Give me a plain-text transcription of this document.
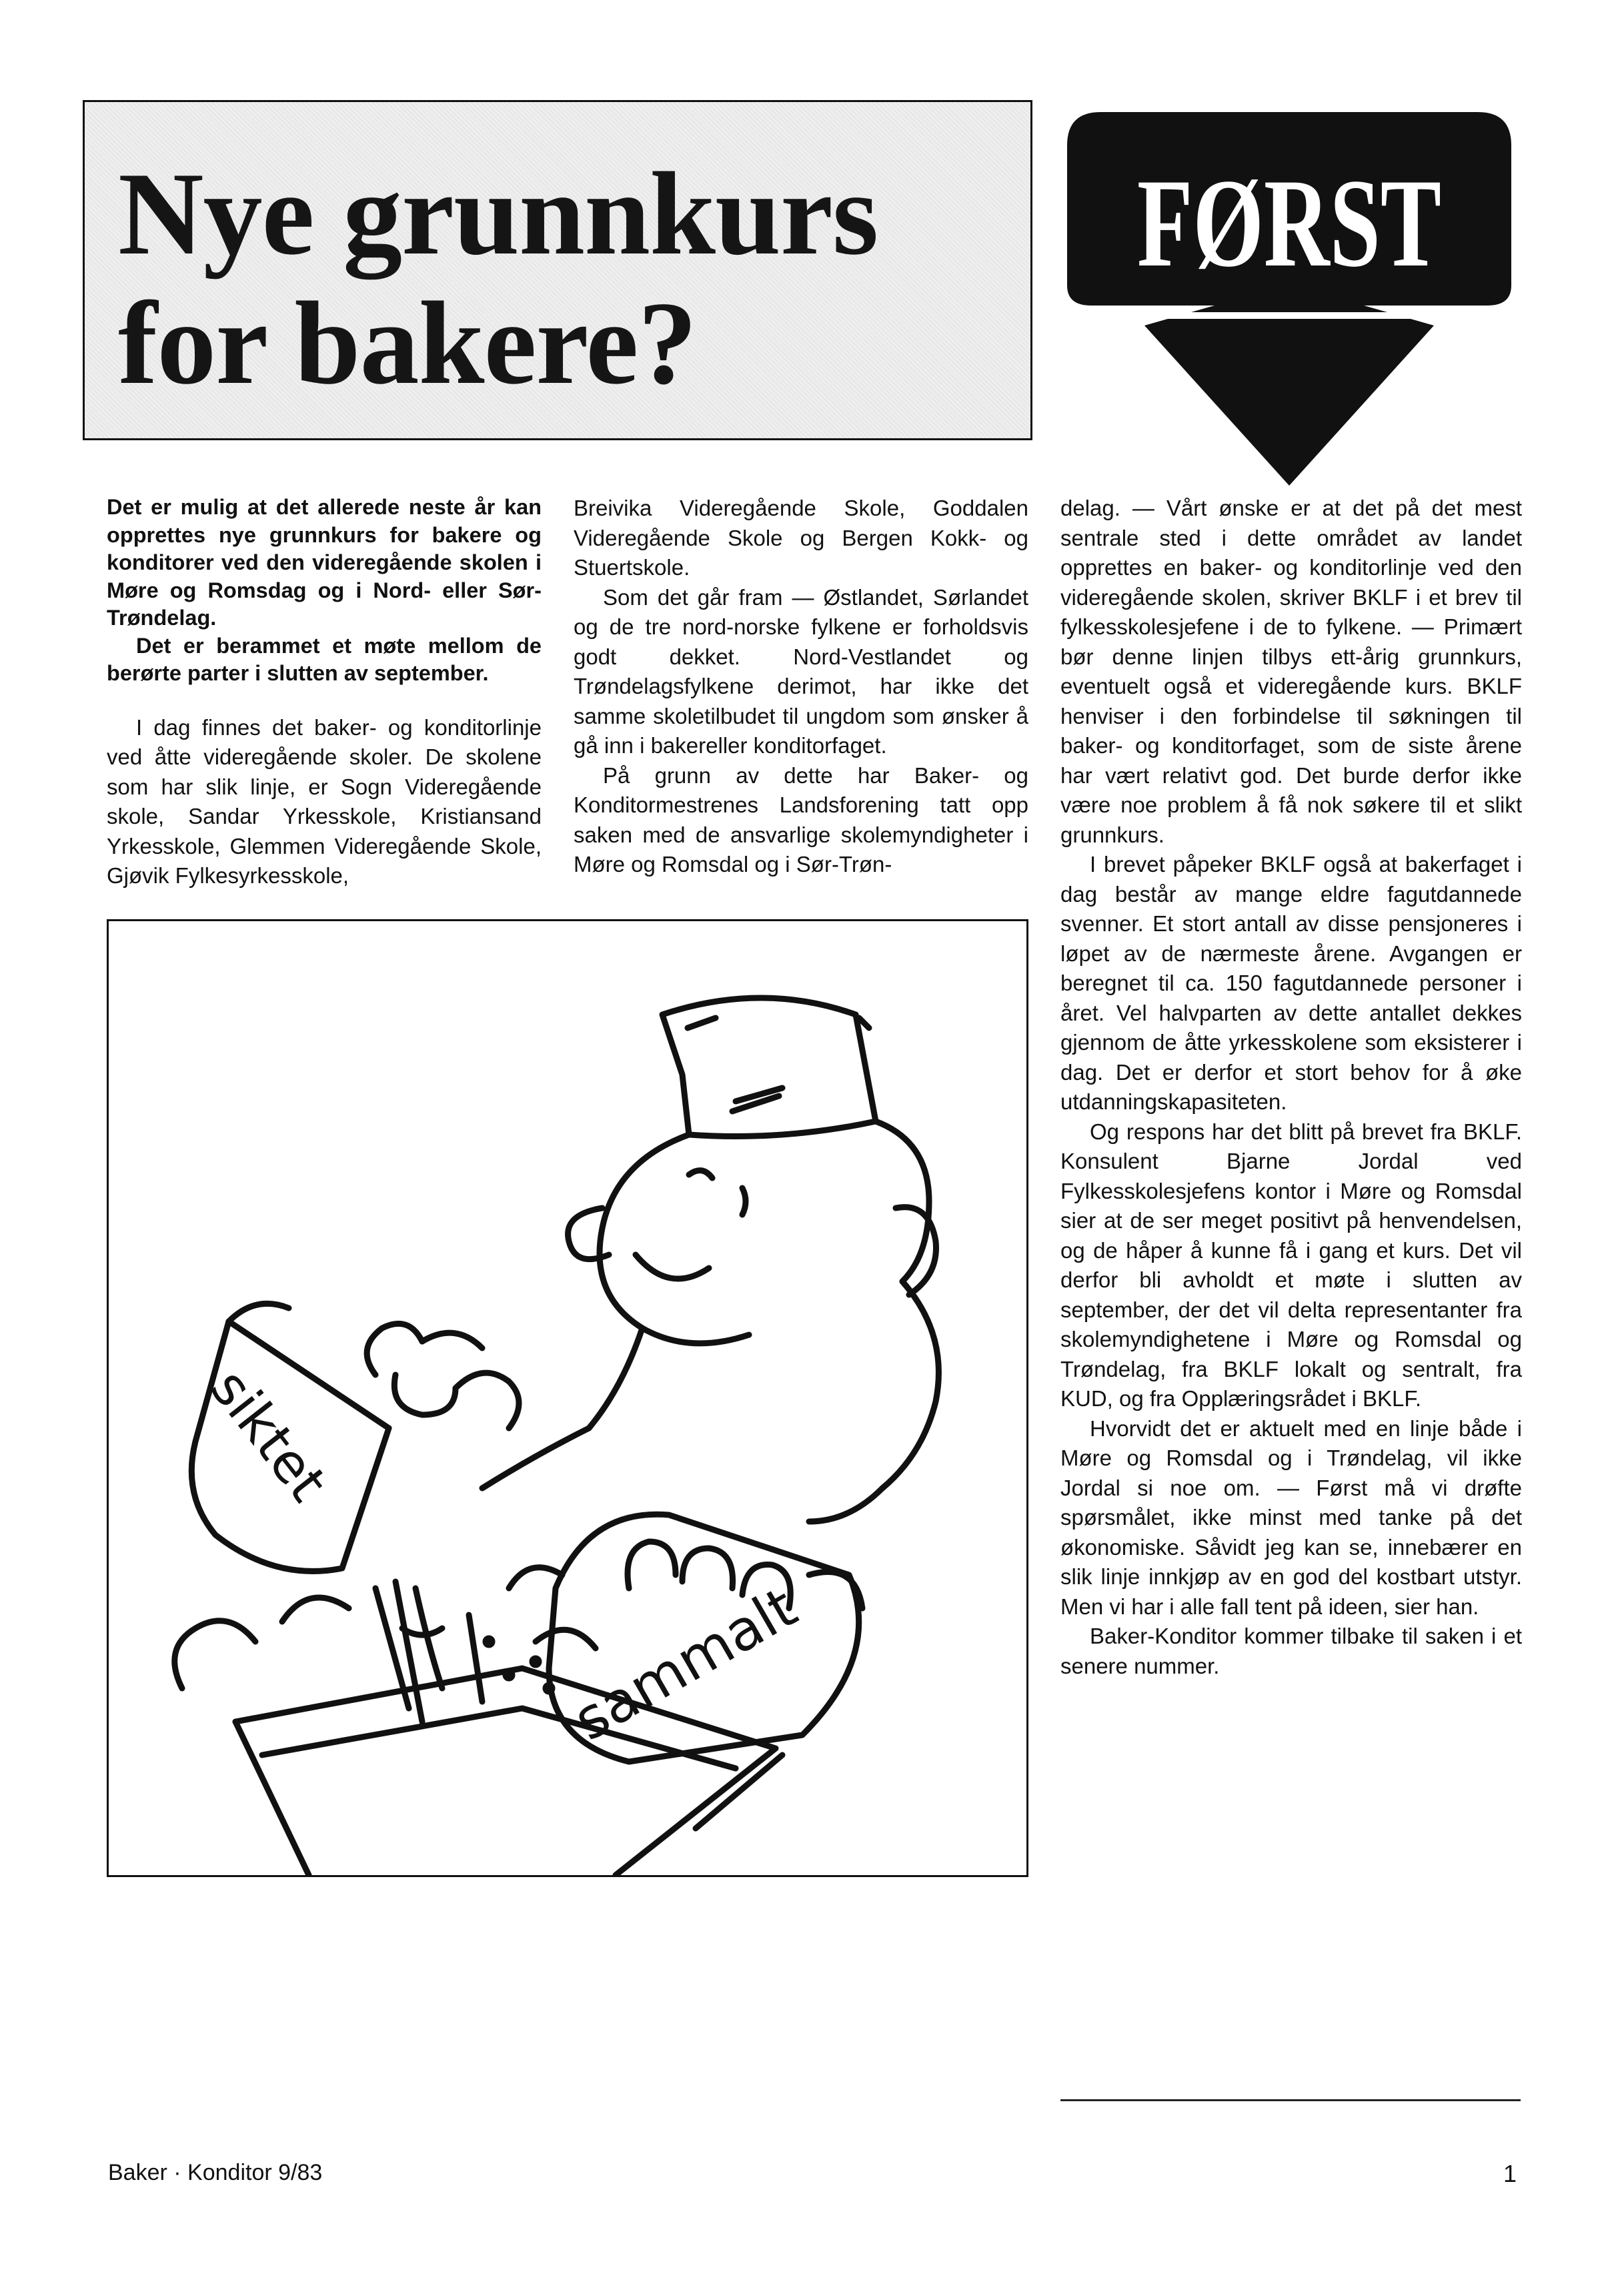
Nye grunnkurs
for bakere?
FØRST

Det er mulig at det allerede neste år kan opprettes nye grunnkurs for bakere og konditorer ved den videregående skolen i Møre og Romsdag og i Nord- eller Sør-Trøndelag.

Det er berammet et møte mellom de berørte parter i slutten av september.

I dag finnes det baker- og konditorlinje ved åtte videregående skoler. De skolene som har slik linje, er Sogn Videregående skole, Sandar Yrkesskole, Kristiansand Yrkesskole, Glemmen Videregående Skole, Gjøvik Fylkesyrkesskole,

Breivika Videregående Skole, Goddalen Videregående Skole og Bergen Kokk- og Stuertskole.

Som det går fram — Østlandet, Sørlandet og de tre nord-norske fylkene er forholdsvis godt dekket. Nord-Vestlandet og Trøndelagsfylkene derimot, har ikke det samme skoletilbudet til ungdom som ønsker å gå inn i bakereller konditorfaget.

På grunn av dette har Baker- og Konditormestrenes Landsforening tatt opp saken med de ansvarlige skolemyndigheter i Møre og Romsdal og i Sør-Trøn-

delag. — Vårt ønske er at det på det mest sentrale sted i dette området av landet opprettes en baker- og konditorlinje ved den videregående skolen, skriver BKLF i et brev til fylkesskolesjefene i de to fylkene. — Primært bør denne linjen tilbys ett-årig grunnkurs, eventuelt også et videregående kurs. BKLF henviser i den forbindelse til søkningen til baker- og konditorfaget, som de siste årene har vært relativt god. Det burde derfor ikke være noe problem å få nok søkere til et slikt grunnkurs.

I brevet påpeker BKLF også at bakerfaget i dag består av mange eldre fagutdannede svenner. Et stort antall av disse pensjoneres i løpet av de nærmeste årene. Avgangen er beregnet til ca. 150 fagutdannede personer i året. Vel halvparten av dette antallet dekkes gjennom de åtte yrkesskolene som eksisterer i dag. Det er derfor et stort behov for å øke utdanningskapasiteten.

Og respons har det blitt på brevet fra BKLF. Konsulent Bjarne Jordal ved Fylkesskolesjefens kontor i Møre og Romsdal sier at de ser meget positivt på henvendelsen, og de håper å kunne få i gang et kurs. Det vil derfor bli avholdt et møte i slutten av september, der det vil delta representanter fra skolemyndighetene i Møre og Romsdal og Trøndelag, fra BKLF lokalt og sentralt, fra KUD, og fra Opplæringsrådet i BKLF.

Hvorvidt det er aktuelt med en linje både i Møre og Romsdal og i Trøndelag, vil ikke Jordal si noe om. — Først må vi drøfte spørsmålet, ikke minst med tanke på det økonomiske. Såvidt jeg kan se, innebærer en slik linje innkjøp av en god del kostbart utstyr. Men vi har i alle fall tent på ideen, sier han.

Baker-Konditor kommer tilbake til saken i et senere nummer.

siktet
sammalt
Baker · Konditor 9/83	1
